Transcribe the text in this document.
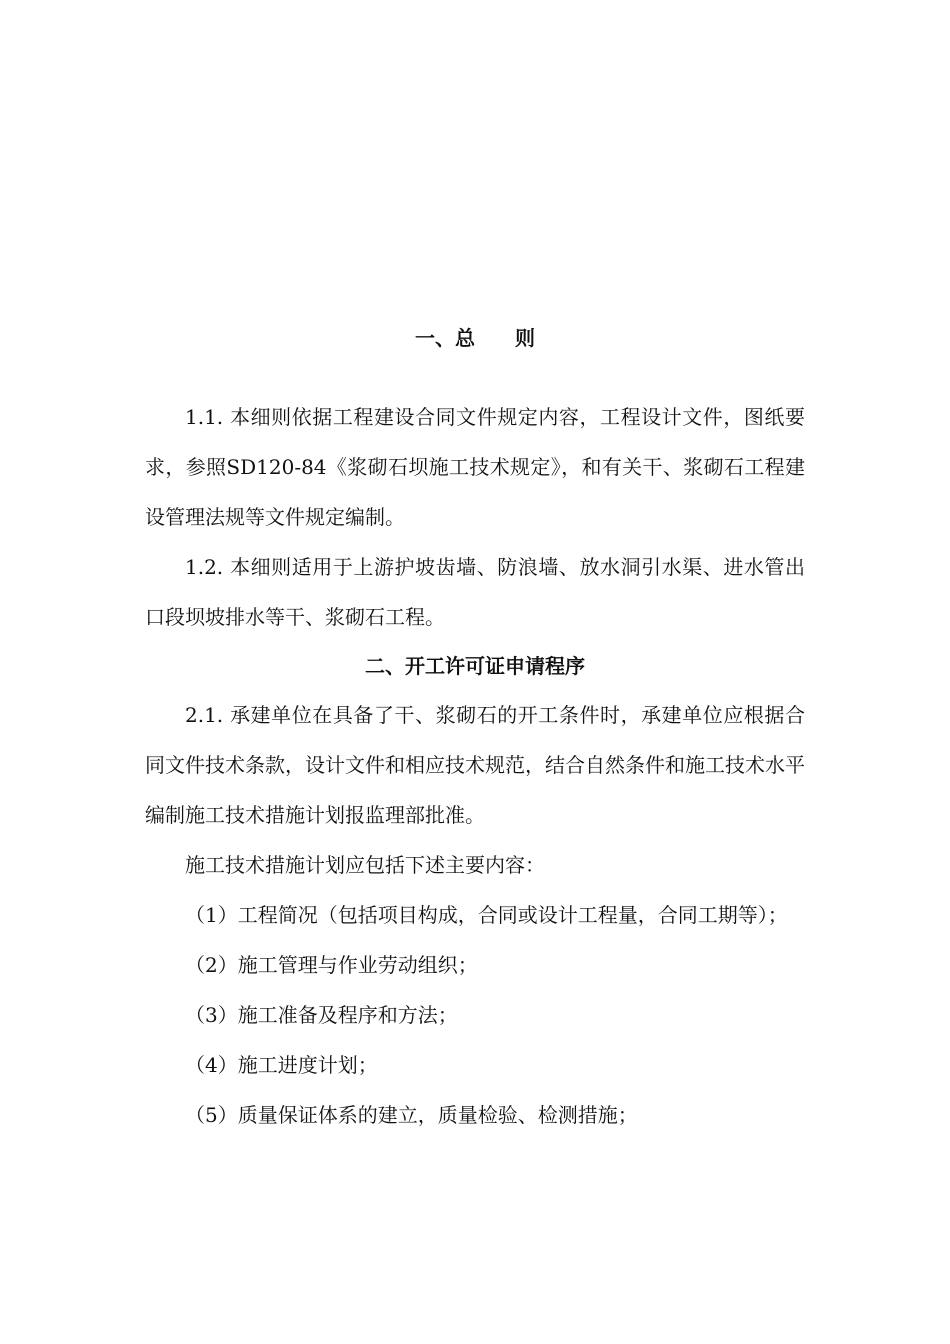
一、总　　则

1.1. 本细则依据工程建设合同文件规定内容，工程设计文件，图纸要求，参照SD120-84《浆砌石坝施工技术规定》，和有关干、浆砌石工程建设管理法规等文件规定编制。

1.2. 本细则适用于上游护坡齿墙、防浪墙、放水洞引水渠、进水管出口段坝坡排水等干、浆砌石工程。

二、开工许可证申请程序

2.1. 承建单位在具备了干、浆砌石的开工条件时，承建单位应根据合同文件技术条款，设计文件和相应技术规范，结合自然条件和施工技术水平编制施工技术措施计划报监理部批准。

施工技术措施计划应包括下述主要内容：

（1）工程简况（包括项目构成，合同或设计工程量，合同工期等）；

（2）施工管理与作业劳动组织；

（3）施工准备及程序和方法；

（4）施工进度计划；

（5）质量保证体系的建立，质量检验、检测措施；
